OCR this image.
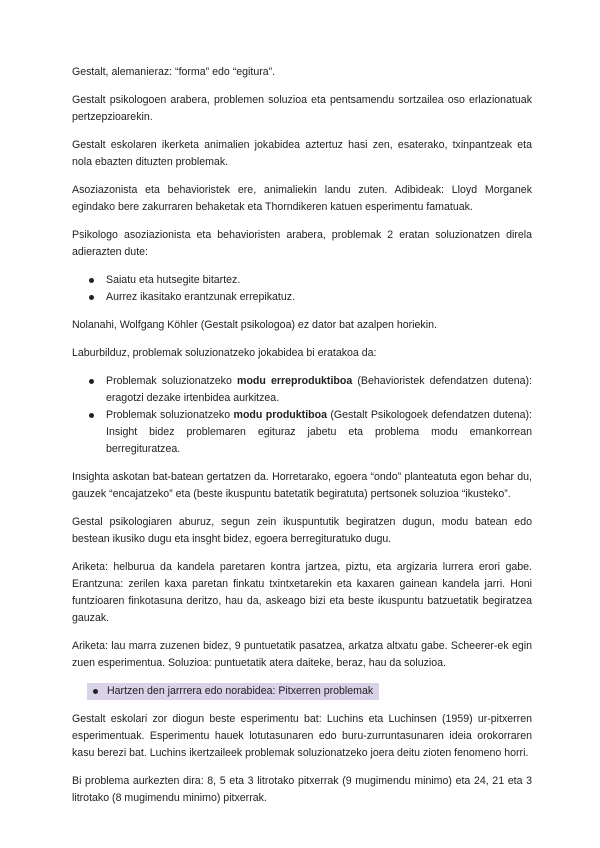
Gestalt, alemanieraz: “forma” edo “egitura”.

Gestalt psikologoen arabera, problemen soluzioa eta pentsamendu sortzailea oso erlazionatuak pertzepzioarekin.

Gestalt eskolaren ikerketa animalien jokabidea aztertuz hasi zen, esaterako, txinpantzeak eta nola ebazten dituzten problemak.

Asoziazonista eta behavioristek ere, animaliekin landu zuten. Adibideak: Lloyd Morganek egindako bere zakurraren behaketak eta Thorndikeren katuen esperimentu famatuak.

Psikologo asoziazionista eta behavioristen arabera, problemak 2 eratan soluzionatzen direla adierazten dute:

Saiatu eta hutsegite bitartez.
Aurrez ikasitako erantzunak errepikatuz.

Nolanahi, Wolfgang Köhler (Gestalt psikologoa) ez dator bat azalpen horiekin.

Laburbilduz, problemak soluzionatzeko jokabidea bi eratakoa da:

Problemak soluzionatzeko modu erreproduktiboa (Behavioristek defendatzen dutena): eragotzi dezake irtenbidea aurkitzea.
Problemak soluzionatzeko modu produktiboa (Gestalt Psikologoek defendatzen dutena): Insight bidez problemaren egituraz jabetu eta problema modu emankorrean berregituratzea.

Insighta askotan bat-batean gertatzen da. Horretarako, egoera “ondo” planteatuta egon behar du, gauzek “encajatzeko” eta (beste ikuspuntu batetatik begiratuta) pertsonek soluzioa “ikusteko”.

Gestal psikologiaren aburuz, segun zein ikuspuntutik begiratzen dugun, modu batean edo bestean ikusiko dugu eta insght bidez, egoera berregituratuko dugu.

Ariketa: helburua da kandela paretaren kontra jartzea, piztu, eta argizaria lurrera erori gabe. Erantzuna: zerilen kaxa paretan finkatu txintxetarekin eta kaxaren gainean kandela jarri. Honi funtzioaren finkotasuna deritzo, hau da, askeago bizi eta beste ikuspuntu batzuetatik begiratzea gauzak.

Ariketa: lau marra zuzenen bidez, 9 puntuetatik pasatzea, arkatza altxatu gabe. Scheerer-ek egin zuen esperimentua. Soluzioa: puntuetatik atera daiteke, beraz, hau da soluzioa.

Hartzen den jarrrera edo norabidea: Pitxerren problemak

Gestalt eskolari zor diogun beste esperimentu bat: Luchins eta Luchinsen (1959) ur-pitxerren esperimentuak. Esperimentu hauek lotutasunaren edo buru-zurruntasunaren ideia orokorraren kasu berezi bat. Luchins ikertzaileek problemak soluzionatzeko joera deitu zioten fenomeno horri.

Bi problema aurkezten dira: 8, 5 eta 3 litrotako pitxerrak (9 mugimendu minimo) eta 24, 21 eta 3 litrotako (8 mugimendu minimo) pitxerrak.
